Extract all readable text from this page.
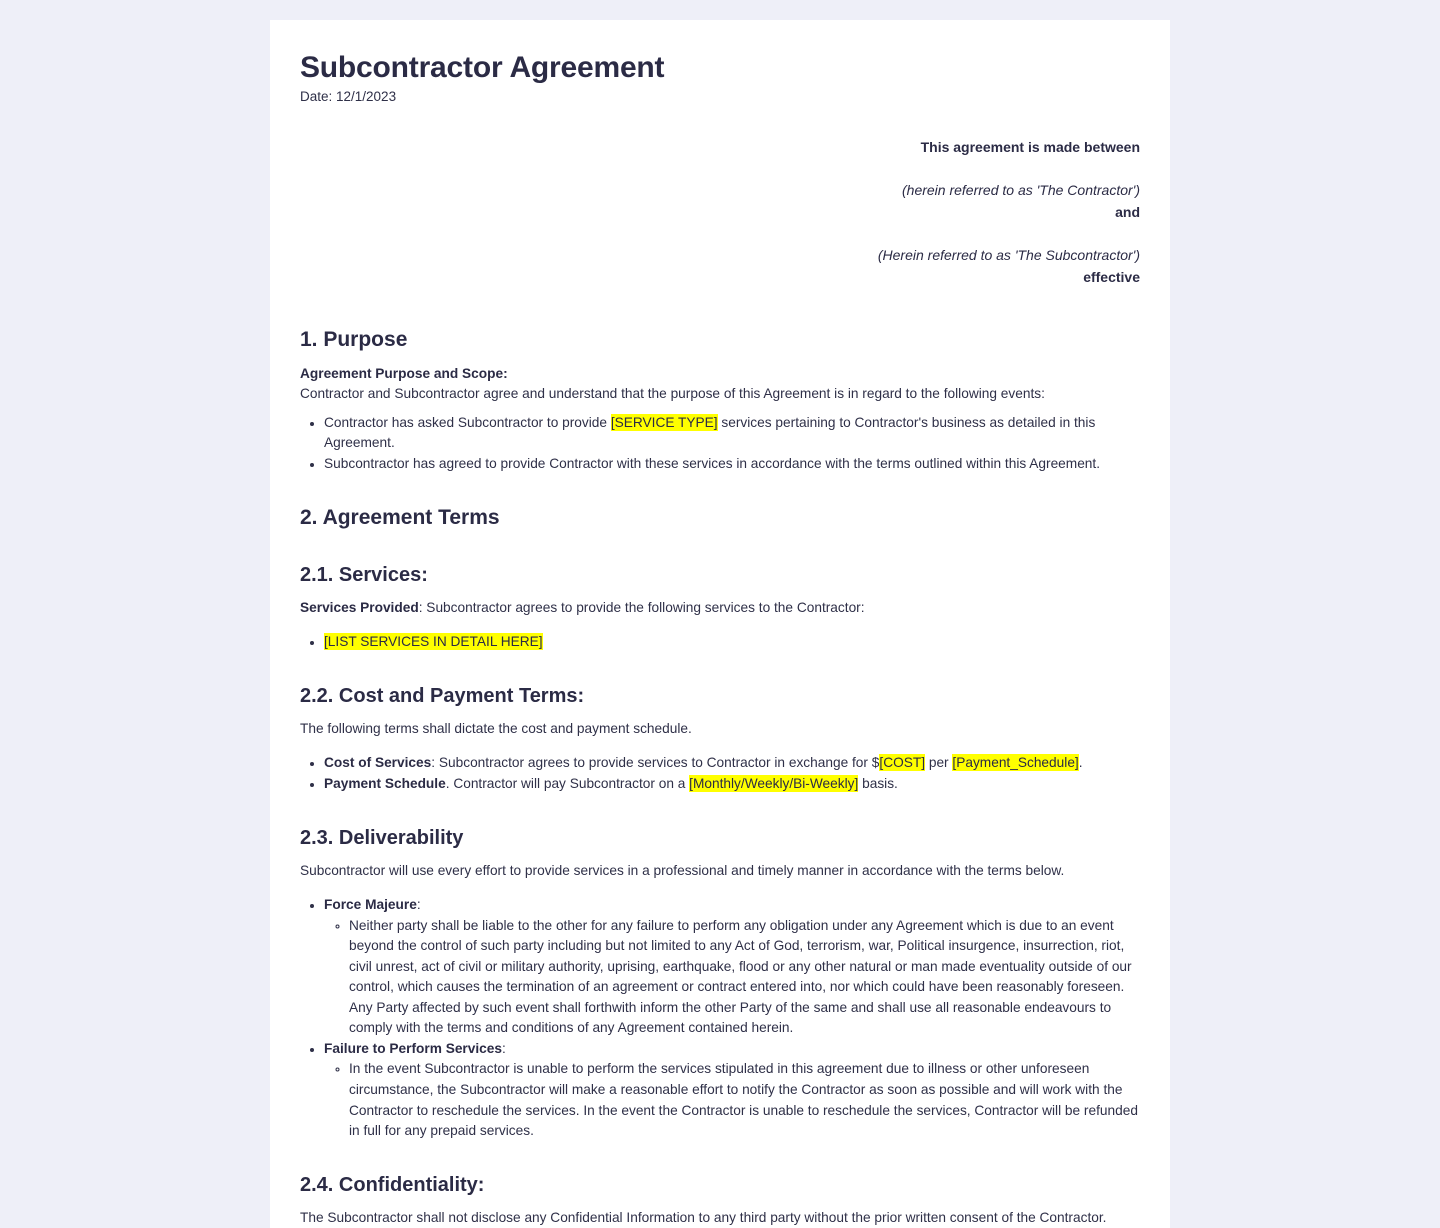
Subcontractor Agreement

Date: 12/1/2023

This agreement is made between

(herein referred to as 'The Contractor')
and

(Herein referred to as 'The Subcontractor')
effective
1. Purpose

Agreement Purpose and Scope:

Contractor and Subcontractor agree and understand that the purpose of this Agreement is in regard to the following events:

• Contractor has asked Subcontractor to provide [SERVICE TYPE] services pertaining to Contractor's business as detailed in this Agreement.
• Subcontractor has agreed to provide Contractor with these services in accordance with the terms outlined within this Agreement.
2. Agreement Terms
2.1. Services:

Services Provided: Subcontractor agrees to provide the following services to the Contractor:

• [LIST SERVICES IN DETAIL HERE]
2.2. Cost and Payment Terms:

The following terms shall dictate the cost and payment schedule.

• Cost of Services: Subcontractor agrees to provide services to Contractor in exchange for $[COST] per [Payment_Schedule].
• Payment Schedule. Contractor will pay Subcontractor on a [Monthly/Weekly/Bi-Weekly] basis.
2.3. Deliverability

Subcontractor will use every effort to provide services in a professional and timely manner in accordance with the terms below.

• Force Majeure:
◦ Neither party shall be liable to the other for any failure to perform any obligation under any Agreement which is due to an event beyond the control of such party including but not limited to any Act of God, terrorism, war, Political insurgence, insurrection, riot, civil unrest, act of civil or military authority, uprising, earthquake, flood or any other natural or man made eventuality outside of our control, which causes the termination of an agreement or contract entered into, nor which could have been reasonably foreseen. Any Party affected by such event shall forthwith inform the other Party of the same and shall use all reasonable endeavours to comply with the terms and conditions of any Agreement contained herein.
• Failure to Perform Services:
◦ In the event Subcontractor is unable to perform the services stipulated in this agreement due to illness or other unforeseen circumstance, the Subcontractor will make a reasonable effort to notify the Contractor as soon as possible and will work with the Contractor to reschedule the services. In the event the Contractor is unable to reschedule the services, Contractor will be refunded in full for any prepaid services.
2.4. Confidentiality:

The Subcontractor shall not disclose any Confidential Information to any third party without the prior written consent of the Contractor.
